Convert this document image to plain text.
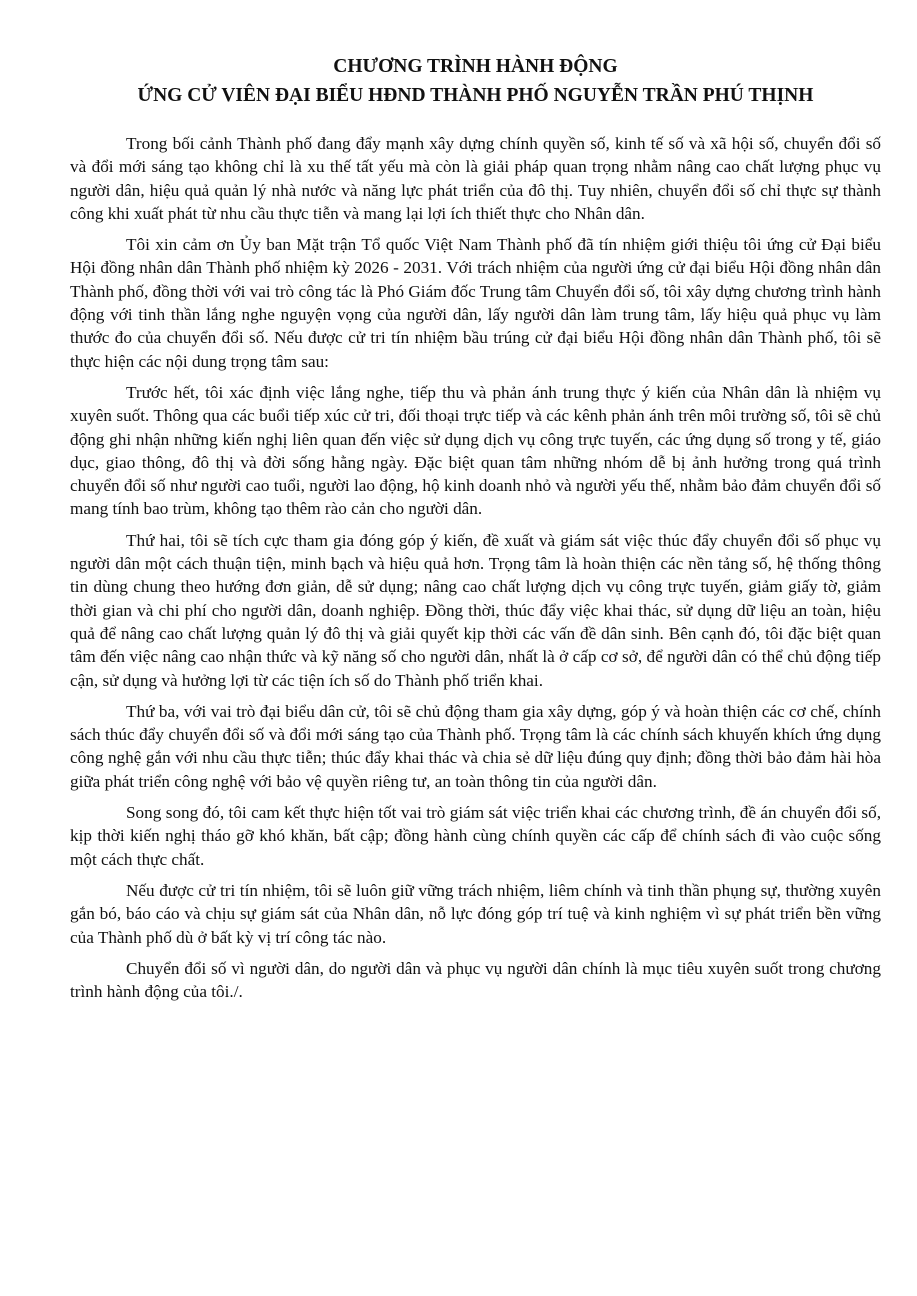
CHƯƠNG TRÌNH HÀNH ĐỘNG
ỨNG CỬ VIÊN ĐẠI BIỂU HĐND THÀNH PHỐ NGUYỄN TRẦN PHÚ THỊNH

Trong bối cảnh Thành phố đang đẩy mạnh xây dựng chính quyền số, kinh tế số và xã hội số, chuyển đổi số và đổi mới sáng tạo không chỉ là xu thế tất yếu mà còn là giải pháp quan trọng nhằm nâng cao chất lượng phục vụ người dân, hiệu quả quản lý nhà nước và năng lực phát triển của đô thị. Tuy nhiên, chuyển đổi số chỉ thực sự thành công khi xuất phát từ nhu cầu thực tiễn và mang lại lợi ích thiết thực cho Nhân dân.

Tôi xin cảm ơn Ủy ban Mặt trận Tổ quốc Việt Nam Thành phố đã tín nhiệm giới thiệu tôi ứng cử Đại biểu Hội đồng nhân dân Thành phố nhiệm kỳ 2026 - 2031. Với trách nhiệm của người ứng cử đại biểu Hội đồng nhân dân Thành phố, đồng thời với vai trò công tác là Phó Giám đốc Trung tâm Chuyển đổi số, tôi xây dựng chương trình hành động với tinh thần lắng nghe nguyện vọng của người dân, lấy người dân làm trung tâm, lấy hiệu quả phục vụ làm thước đo của chuyển đổi số. Nếu được cử tri tín nhiệm bầu trúng cử đại biểu Hội đồng nhân dân Thành phố, tôi sẽ thực hiện các nội dung trọng tâm sau:

Trước hết, tôi xác định việc lắng nghe, tiếp thu và phản ánh trung thực ý kiến của Nhân dân là nhiệm vụ xuyên suốt. Thông qua các buổi tiếp xúc cử tri, đối thoại trực tiếp và các kênh phản ánh trên môi trường số, tôi sẽ chủ động ghi nhận những kiến nghị liên quan đến việc sử dụng dịch vụ công trực tuyến, các ứng dụng số trong y tế, giáo dục, giao thông, đô thị và đời sống hằng ngày. Đặc biệt quan tâm những nhóm dễ bị ảnh hưởng trong quá trình chuyển đổi số như người cao tuổi, người lao động, hộ kinh doanh nhỏ và người yếu thế, nhằm bảo đảm chuyển đổi số mang tính bao trùm, không tạo thêm rào cản cho người dân.

Thứ hai, tôi sẽ tích cực tham gia đóng góp ý kiến, đề xuất và giám sát việc thúc đẩy chuyển đổi số phục vụ người dân một cách thuận tiện, minh bạch và hiệu quả hơn. Trọng tâm là hoàn thiện các nền tảng số, hệ thống thông tin dùng chung theo hướng đơn giản, dễ sử dụng; nâng cao chất lượng dịch vụ công trực tuyến, giảm giấy tờ, giảm thời gian và chi phí cho người dân, doanh nghiệp. Đồng thời, thúc đẩy việc khai thác, sử dụng dữ liệu an toàn, hiệu quả để nâng cao chất lượng quản lý đô thị và giải quyết kịp thời các vấn đề dân sinh. Bên cạnh đó, tôi đặc biệt quan tâm đến việc nâng cao nhận thức và kỹ năng số cho người dân, nhất là ở cấp cơ sở, để người dân có thể chủ động tiếp cận, sử dụng và hưởng lợi từ các tiện ích số do Thành phố triển khai.

Thứ ba, với vai trò đại biểu dân cử, tôi sẽ chủ động tham gia xây dựng, góp ý và hoàn thiện các cơ chế, chính sách thúc đẩy chuyển đổi số và đổi mới sáng tạo của Thành phố. Trọng tâm là các chính sách khuyến khích ứng dụng công nghệ gắn với nhu cầu thực tiễn; thúc đẩy khai thác và chia sẻ dữ liệu đúng quy định; đồng thời bảo đảm hài hòa giữa phát triển công nghệ với bảo vệ quyền riêng tư, an toàn thông tin của người dân.

Song song đó, tôi cam kết thực hiện tốt vai trò giám sát việc triển khai các chương trình, đề án chuyển đổi số, kịp thời kiến nghị tháo gỡ khó khăn, bất cập; đồng hành cùng chính quyền các cấp để chính sách đi vào cuộc sống một cách thực chất.

Nếu được cử tri tín nhiệm, tôi sẽ luôn giữ vững trách nhiệm, liêm chính và tinh thần phụng sự, thường xuyên gắn bó, báo cáo và chịu sự giám sát của Nhân dân, nỗ lực đóng góp trí tuệ và kinh nghiệm vì sự phát triển bền vững của Thành phố dù ở bất kỳ vị trí công tác nào.

Chuyển đổi số vì người dân, do người dân và phục vụ người dân chính là mục tiêu xuyên suốt trong chương trình hành động của tôi./.
